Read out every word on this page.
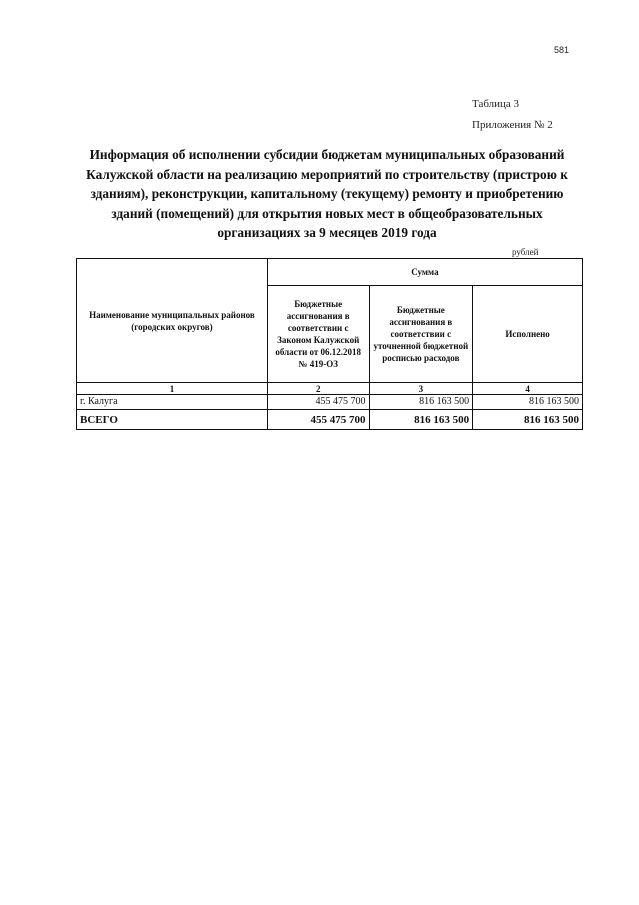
581
Таблица 3
Приложения № 2
Информация об исполнении субсидии бюджетам муниципальных образований Калужской области на реализацию мероприятий по строительству (пристрою к зданиям), реконструкции, капитальному (текущему) ремонту и приобретению зданий (помещений) для открытия новых мест в общеобразовательных организациях за 9 месяцев 2019 года
рублей
Наименование муниципальных районов (городских округов)	Сумма		
	Бюджетные ассигнования в соответствии с Законом Калужской области от 06.12.2018 № 419-ОЗ	Бюджетные ассигнования в соответствии с уточненной бюджетной росписью расходов	Исполнено
1	2	3	4
г. Калуга	455 475 700	816 163 500	816 163 500
ВСЕГО	455 475 700	816 163 500	816 163 500
